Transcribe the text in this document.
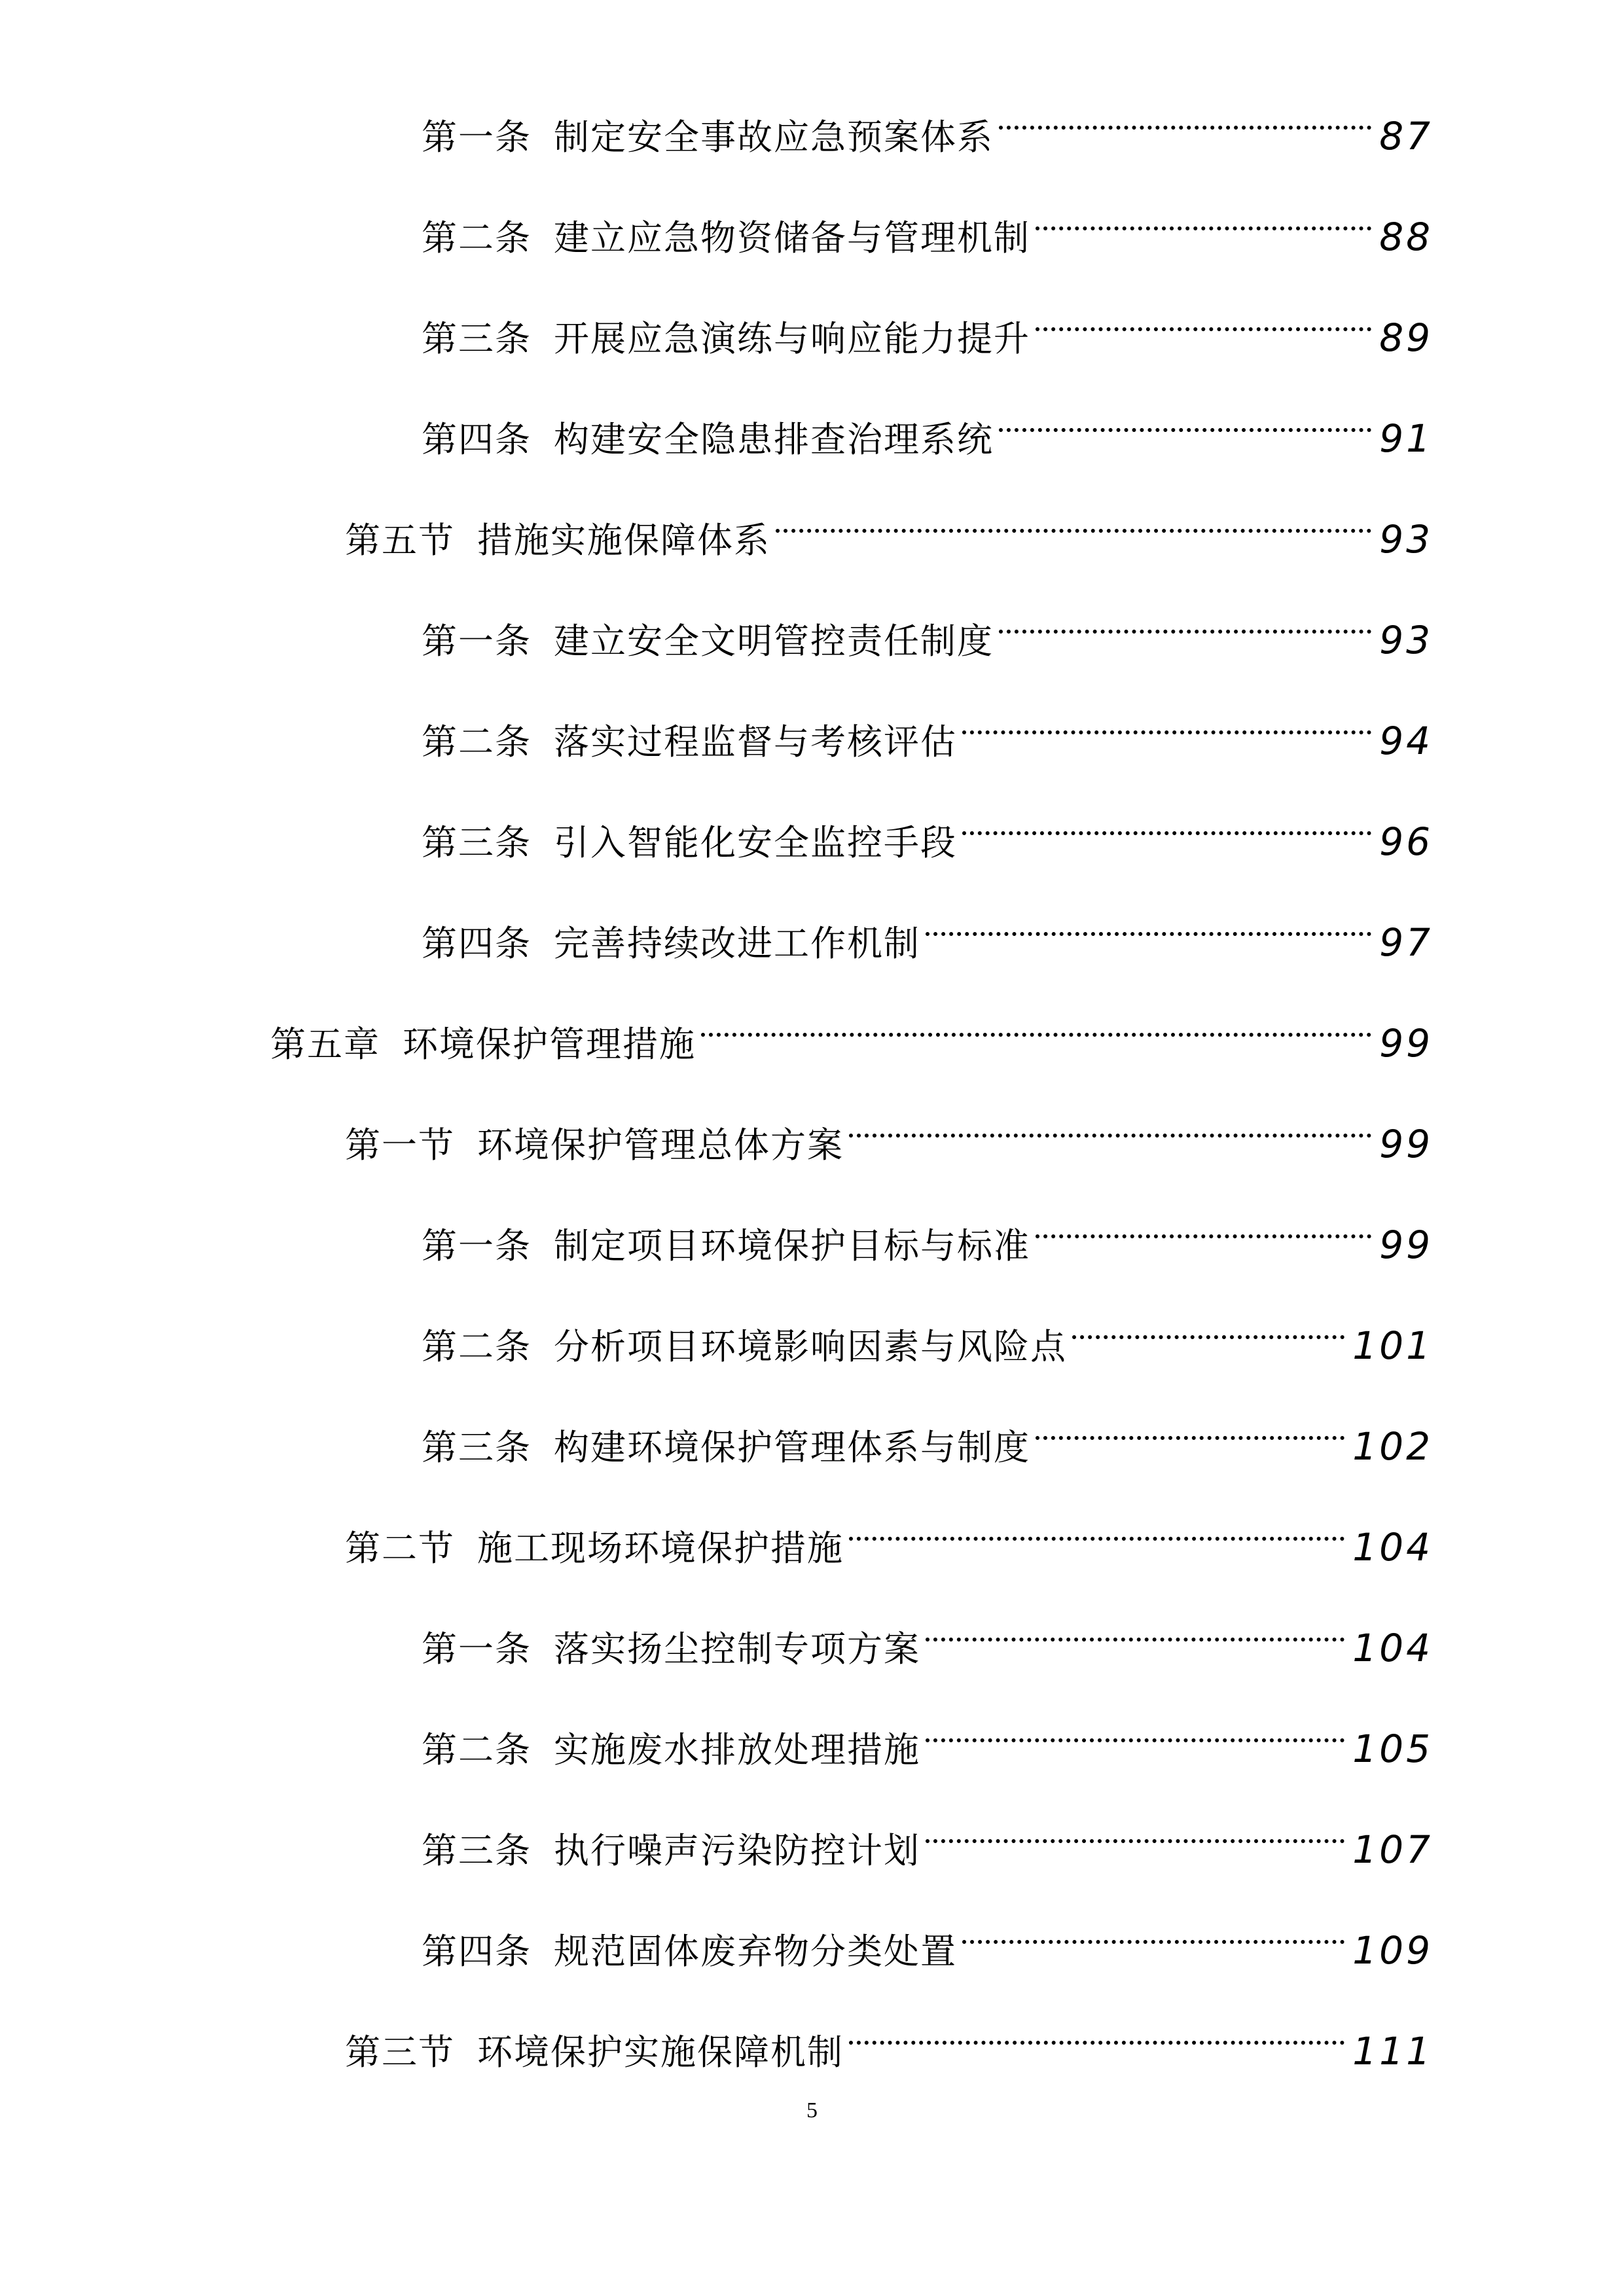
第一条 制定安全事故应急预案体系	87
第二条 建立应急物资储备与管理机制	88
第三条 开展应急演练与响应能力提升	89
第四条 构建安全隐患排查治理系统	91
第五节 措施实施保障体系	93
第一条 建立安全文明管控责任制度	93
第二条 落实过程监督与考核评估	94
第三条 引入智能化安全监控手段	96
第四条 完善持续改进工作机制	97
第五章 环境保护管理措施	99
第一节 环境保护管理总体方案	99
第一条 制定项目环境保护目标与标准	99
第二条 分析项目环境影响因素与风险点	101
第三条 构建环境保护管理体系与制度	102
第二节 施工现场环境保护措施	104
第一条 落实扬尘控制专项方案	104
第二条 实施废水排放处理措施	105
第三条 执行噪声污染防控计划	107
第四条 规范固体废弃物分类处置	109
第三节 环境保护实施保障机制	111
5
